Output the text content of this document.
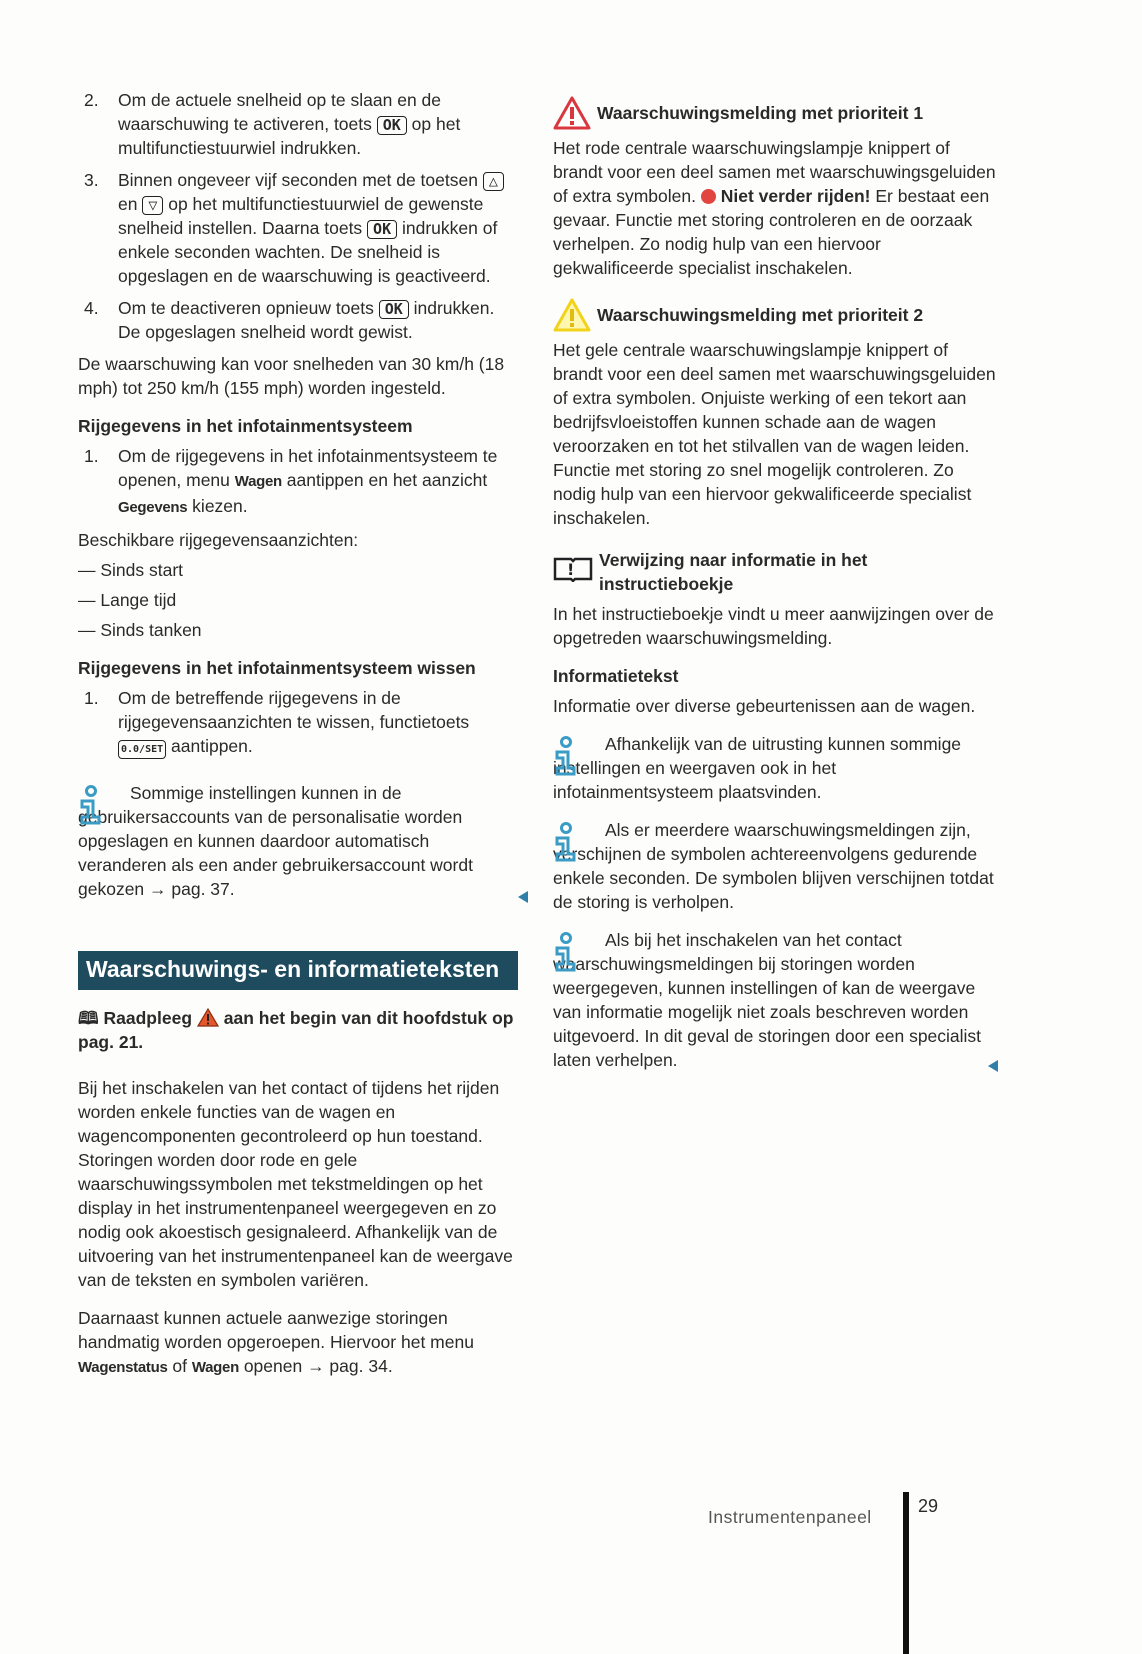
2. Om de actuele snelheid op te slaan en de waarschuwing te activeren, toets OK op het multifunctiestuurwiel indrukken.
3. Binnen ongeveer vijf seconden met de toetsen △ en ▽ op het multifunctiestuurwiel de gewenste snelheid instellen. Daarna toets OK indrukken of enkele seconden wachten. De snelheid is opgeslagen en de waarschuwing is geactiveerd.
4. Om te deactiveren opnieuw toets OK indrukken. De opgeslagen snelheid wordt gewist.
De waarschuwing kan voor snelheden van 30 km/h (18 mph) tot 250 km/h (155 mph) worden ingesteld.
Rijgegevens in het infotainmentsysteem
1. Om de rijgegevens in het infotainmentsysteem te openen, menu Wagen aantippen en het aanzicht Gegevens kiezen.
Beschikbare rijgegevensaanzichten:
— Sinds start
— Lange tijd
— Sinds tanken
Rijgegevens in het infotainmentsysteem wissen
1. Om de betreffende rijgegevens in de rijgegevensaanzichten te wissen, functietoets 0.0/SET aantippen.
Sommige instellingen kunnen in de gebruikersaccounts van de personalisatie worden opgeslagen en kunnen daardoor automatisch veranderen als een ander gebruikersaccount wordt gekozen → pag. 37.
Waarschuwings- en informatieteksten
🕮 Raadpleeg  aan het begin van dit hoofdstuk op pag. 21.
Bij het inschakelen van het contact of tijdens het rijden worden enkele functies van de wagen en wagencomponenten gecontroleerd op hun toestand. Storingen worden door rode en gele waarschuwingssymbolen met tekstmeldingen op het display in het instrumentenpaneel weergegeven en zo nodig ook akoestisch gesignaleerd. Afhankelijk van de uitvoering van het instrumentenpaneel kan de weergave van de teksten en symbolen variëren.
Daarnaast kunnen actuele aanwezige storingen handmatig worden opgeroepen. Hiervoor het menu Wagenstatus of Wagen openen → pag. 34.
Waarschuwingsmelding met prioriteit 1
Het rode centrale waarschuwingslampje knippert of brandt voor een deel samen met waarschuwingsgeluiden of extra symbolen.  Niet verder rijden! Er bestaat een gevaar. Functie met storing controleren en de oorzaak verhelpen. Zo nodig hulp van een hiervoor gekwalificeerde specialist inschakelen.
Waarschuwingsmelding met prioriteit 2
Het gele centrale waarschuwingslampje knippert of brandt voor een deel samen met waarschuwingsgeluiden of extra symbolen. Onjuiste werking of een tekort aan bedrijfsvloeistoffen kunnen schade aan de wagen veroorzaken en tot het stilvallen van de wagen leiden. Functie met storing zo snel mogelijk controleren. Zo nodig hulp van een hiervoor gekwalificeerde specialist inschakelen.
! Verwijzing naar informatie in het instructieboekje
In het instructieboekje vindt u meer aanwijzingen over de opgetreden waarschuwingsmelding.
Informatietekst
Informatie over diverse gebeurtenissen aan de wagen.
Afhankelijk van de uitrusting kunnen sommige instellingen en weergaven ook in het infotainmentsysteem plaatsvinden.
Als er meerdere waarschuwingsmeldingen zijn, verschijnen de symbolen achtereenvolgens gedurende enkele seconden. De symbolen blijven verschijnen totdat de storing is verholpen.
Als bij het inschakelen van het contact waarschuwingsmeldingen bij storingen worden weergegeven, kunnen instellingen of kan de weergave van informatie mogelijk niet zoals beschreven worden uitgevoerd. In dit geval de storingen door een specialist laten verhelpen.
Instrumentenpaneel
29
